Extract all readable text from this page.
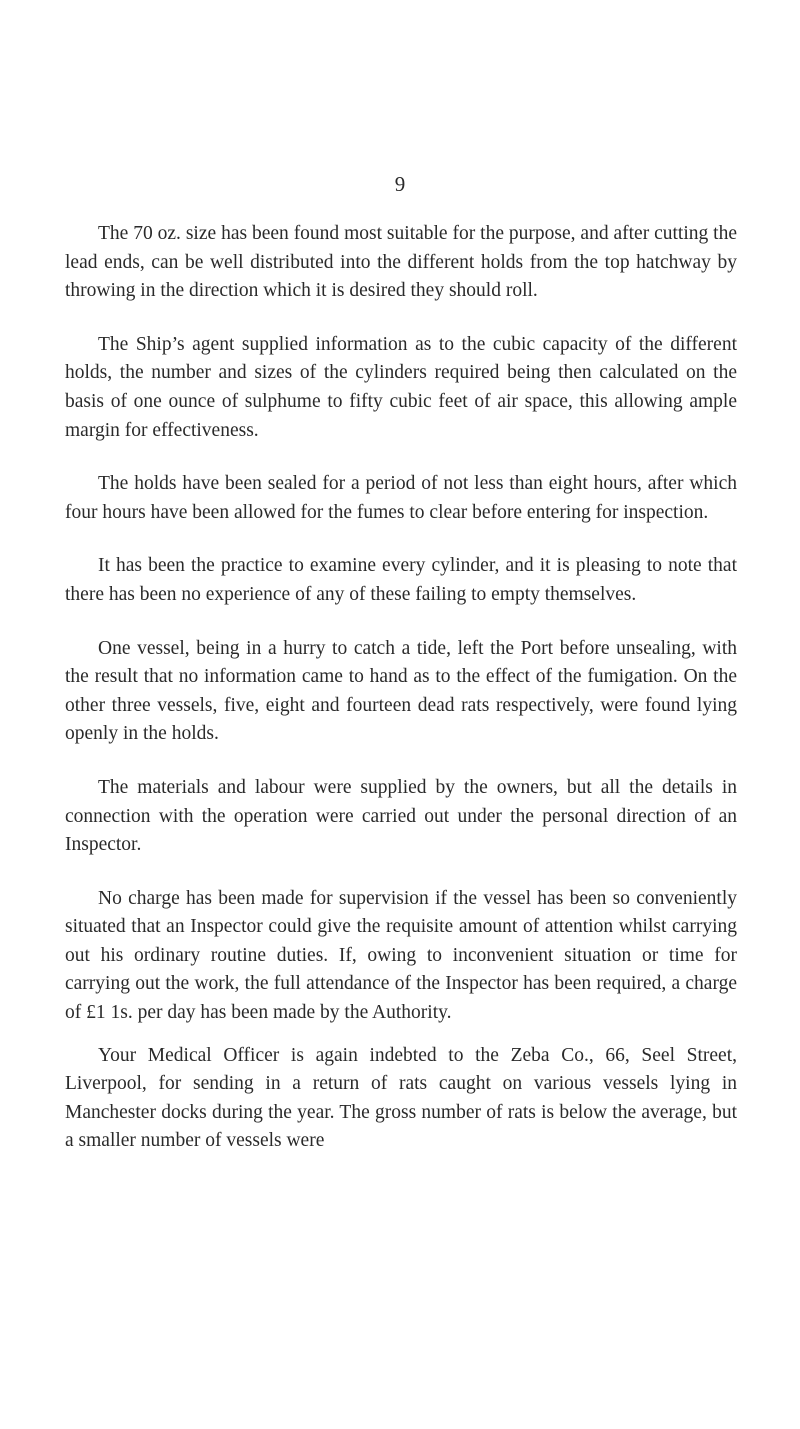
9

The 70 oz. size has been found most suitable for the purpose, and after cutting the lead ends, can be well distributed into the different holds from the top hatchway by throwing in the direction which it is desired they should roll.

The Ship’s agent supplied information as to the cubic capacity of the different holds, the number and sizes of the cylinders required being then calculated on the basis of one ounce of sulphume to fifty cubic feet of air space, this allowing ample margin for effectiveness.

The holds have been sealed for a period of not less than eight hours, after which four hours have been allowed for the fumes to clear before entering for inspection.

It has been the practice to examine every cylinder, and it is pleasing to note that there has been no experience of any of these failing to empty themselves.

One vessel, being in a hurry to catch a tide, left the Port before unsealing, with the result that no information came to hand as to the effect of the fumigation. On the other three vessels, five, eight and fourteen dead rats respectively, were found lying openly in the holds.

The materials and labour were supplied by the owners, but all the details in connection with the operation were carried out under the personal direction of an Inspector.

No charge has been made for supervision if the vessel has been so conveniently situated that an Inspector could give the requisite amount of attention whilst carrying out his ordinary routine duties. If, owing to inconvenient situation or time for carrying out the work, the full attendance of the Inspector has been required, a charge of £1 1s. per day has been made by the Authority.

Your Medical Officer is again indebted to the Zeba Co., 66, Seel Street, Liverpool, for sending in a return of rats caught on various vessels lying in Manchester docks during the year. The gross number of rats is below the average, but a smaller number of vessels were
